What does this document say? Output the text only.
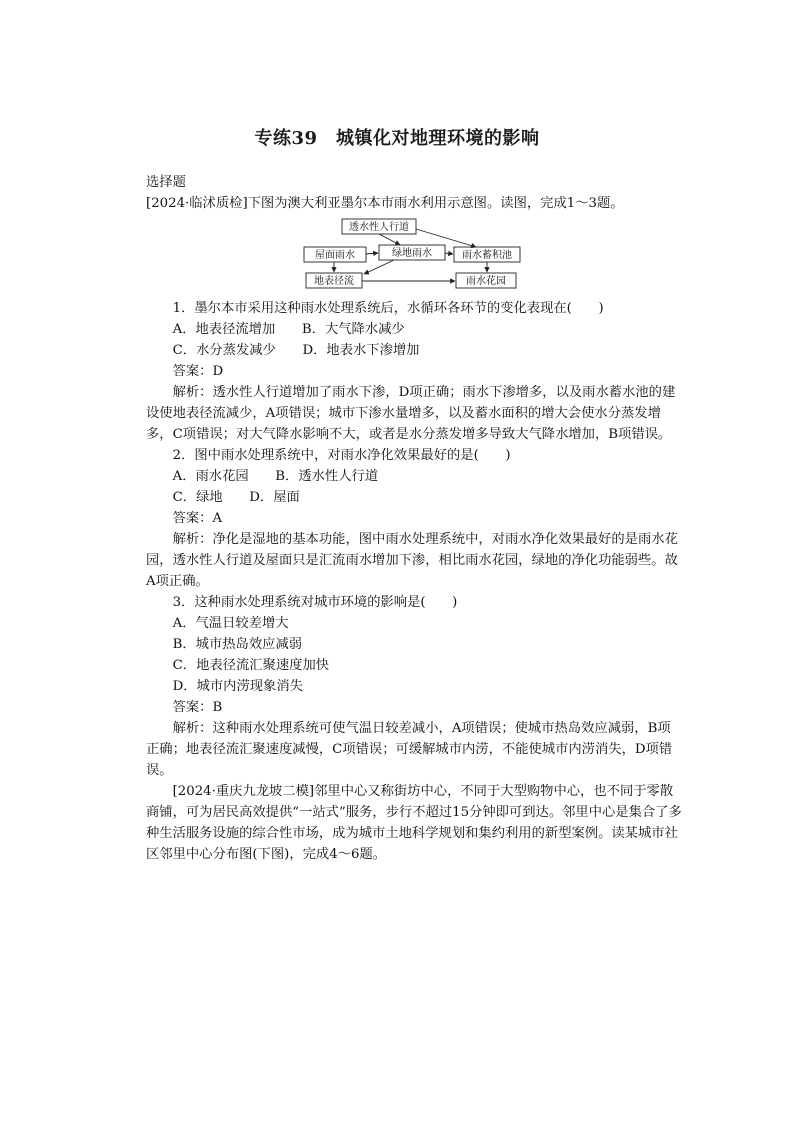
专练39　城镇化对地理环境的影响

选择题

[2024·临沭质检]下图为澳大利亚墨尔本市雨水利用示意图。读图，完成1～3题。

透水性人行道
屋面雨水	绿地雨水	雨水蓄积池
地表径流	雨水花园

1．墨尔本市采用这种雨水处理系统后，水循环各环节的变化表现在(　　)

A．地表径流增加　　B．大气降水减少

C．水分蒸发减少　　D．地表水下渗增加

答案：D

解析：透水性人行道增加了雨水下渗，D项正确；雨水下渗增多，以及雨水蓄水池的建设使地表径流减少，A项错误；城市下渗水量增多，以及蓄水面积的增大会使水分蒸发增多，C项错误；对大气降水影响不大，或者是水分蒸发增多导致大气降水增加，B项错误。

2．图中雨水处理系统中，对雨水净化效果最好的是(　　)

A．雨水花园　　B．透水性人行道

C．绿地　　D．屋面

答案：A

解析：净化是湿地的基本功能，图中雨水处理系统中，对雨水净化效果最好的是雨水花园，透水性人行道及屋面只是汇流雨水增加下渗，相比雨水花园，绿地的净化功能弱些。故A项正确。

3．这种雨水处理系统对城市环境的影响是(　　)

A．气温日较差增大

B．城市热岛效应减弱

C．地表径流汇聚速度加快

D．城市内涝现象消失

答案：B

解析：这种雨水处理系统可使气温日较差减小，A项错误；使城市热岛效应减弱，B项正确；地表径流汇聚速度减慢，C项错误；可缓解城市内涝，不能使城市内涝消失，D项错误。

[2024·重庆九龙坡二模]邻里中心又称街坊中心，不同于大型购物中心，也不同于零散商铺，可为居民高效提供“一站式”服务，步行不超过15分钟即可到达。邻里中心是集合了多种生活服务设施的综合性市场，成为城市土地科学规划和集约利用的新型案例。读某城市社区邻里中心分布图(下图)，完成4～6题。
